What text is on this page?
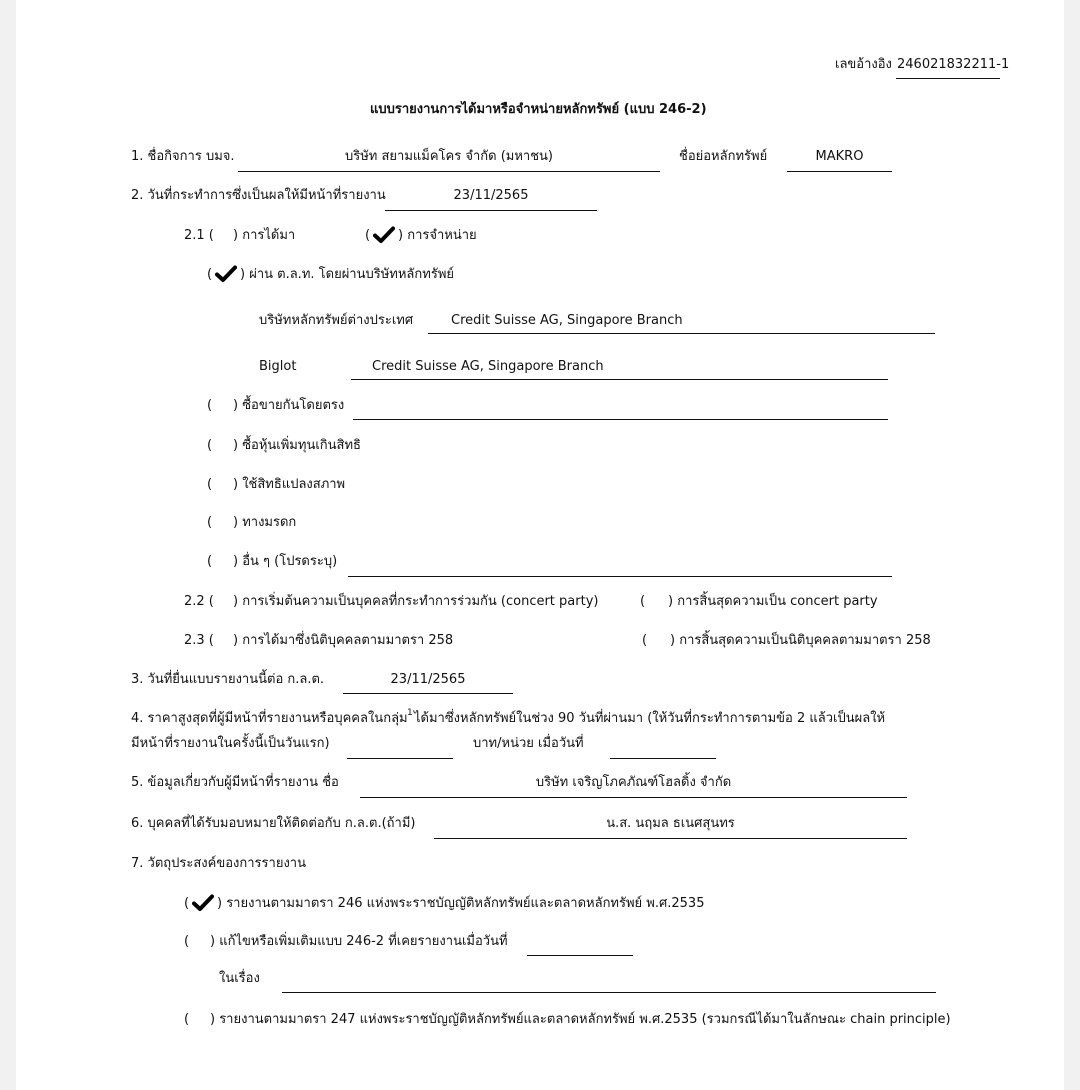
เลขอ้างอิง 246021832211-1
แบบรายงานการได้มาหรือจำหน่ายหลักทรัพย์ (แบบ 246-2)
1. ชื่อกิจการ บมจ.	บริษัท สยามแม็คโคร จำกัด (มหาชน)	ชื่อย่อหลักทรัพย์	MAKRO
2. วันที่กระทำการซึ่งเป็นผลให้มีหน้าที่รายงาน	23/11/2565
2.1 ( ) การได้มา	( ) การจำหน่าย
( ) ผ่าน ต.ล.ท. โดยผ่านบริษัทหลักทรัพย์
บริษัทหลักทรัพย์ต่างประเทศ	Credit Suisse AG, Singapore Branch
Biglot	Credit Suisse AG, Singapore Branch
( ) ซื้อขายกันโดยตรง
( ) ซื้อหุ้นเพิ่มทุนเกินสิทธิ
( ) ใช้สิทธิแปลงสภาพ
( ) ทางมรดก
( ) อื่น ๆ (โปรดระบุ)
2.2 ( ) การเริ่มต้นความเป็นบุคคลที่กระทำการร่วมกัน (concert party)	( ) การสิ้นสุดความเป็น concert party
2.3 ( ) การได้มาซึ่งนิติบุคคลตามมาตรา 258	( ) การสิ้นสุดความเป็นนิติบุคคลตามมาตรา 258
3. วันที่ยื่นแบบรายงานนี้ต่อ ก.ล.ต.	23/11/2565
4. ราคาสูงสุดที่ผู้มีหน้าที่รายงานหรือบุคคลในกลุ่ม 1 ได้มาซึ่งหลักทรัพย์ในช่วง 90 วันที่ผ่านมา (ให้วันที่กระทำการตามข้อ 2 แล้วเป็นผลให้
มีหน้าที่รายงานในครั้งนี้เป็นวันแรก)	บาท/หน่วย เมื่อวันที่
5. ข้อมูลเกี่ยวกับผู้มีหน้าที่รายงาน ชื่อ	บริษัท เจริญโภคภัณฑ์โฮลดิ้ง จำกัด
6. บุคคลที่ได้รับมอบหมายให้ติดต่อกับ ก.ล.ต.(ถ้ามี)	น.ส. นฤมล ธเนศสุนทร
7. วัตถุประสงค์ของการรายงาน
( ) รายงานตามมาตรา 246 แห่งพระราชบัญญัติหลักทรัพย์และตลาดหลักทรัพย์ พ.ศ.2535
( ) แก้ไขหรือเพิ่มเติมแบบ 246-2 ที่เคยรายงานเมื่อวันที่
ในเรื่อง
( ) รายงานตามมาตรา 247 แห่งพระราชบัญญัติหลักทรัพย์และตลาดหลักทรัพย์ พ.ศ.2535 (รวมกรณีได้มาในลักษณะ chain principle)
